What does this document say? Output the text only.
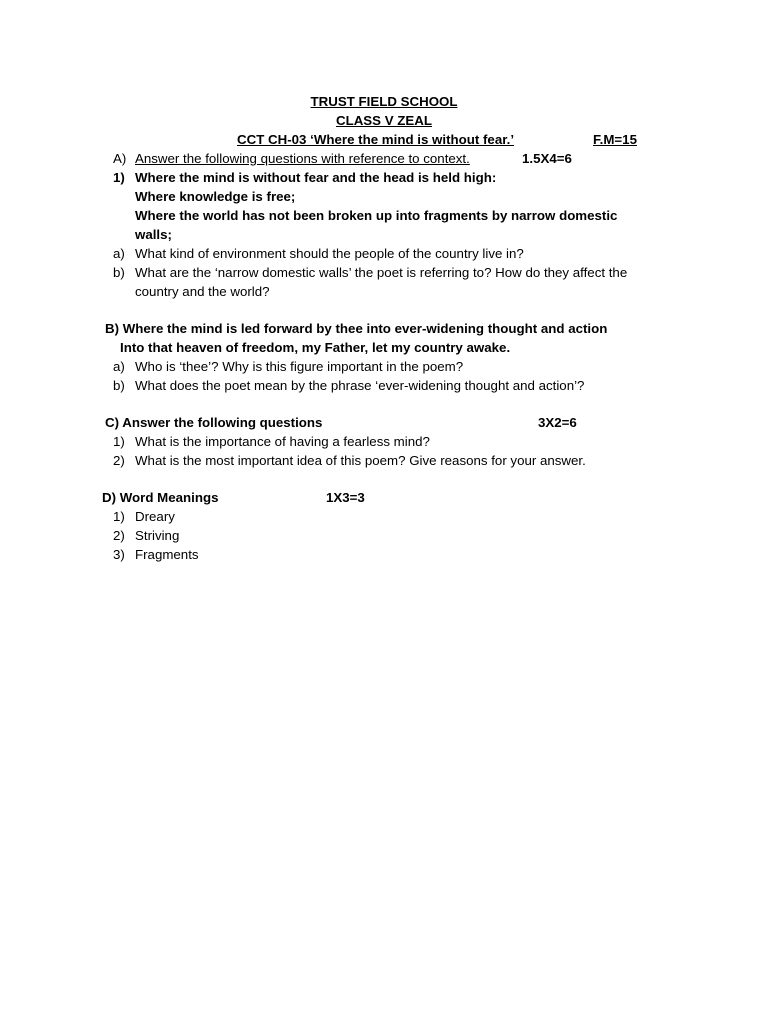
TRUST FIELD SCHOOL
CLASS V ZEAL
CCT CH-03 ‘Where the mind is without fear.’	F.M=15
A) Answer the following questions with reference to context.	1.5X4=6
1) Where the mind is without fear and the head is held high:
Where knowledge is free;
Where the world has not been broken up into fragments by narrow domestic
walls;
a) What kind of environment should the people of the country live in?
b) What are the ‘narrow domestic walls’ the poet is referring to? How do they affect the
country and the world?
B) Where the mind is led forward by thee into ever-widening thought and action
Into that heaven of freedom, my Father, let my country awake.
a) Who is ‘thee’? Why is this figure important in the poem?
b) What does the poet mean by the phrase ‘ever-widening thought and action’?
C) Answer the following questions	3X2=6
1) What is the importance of having a fearless mind?
2) What is the most important idea of this poem? Give reasons for your answer.
D) Word Meanings	1X3=3
1) Dreary
2) Striving
3) Fragments
